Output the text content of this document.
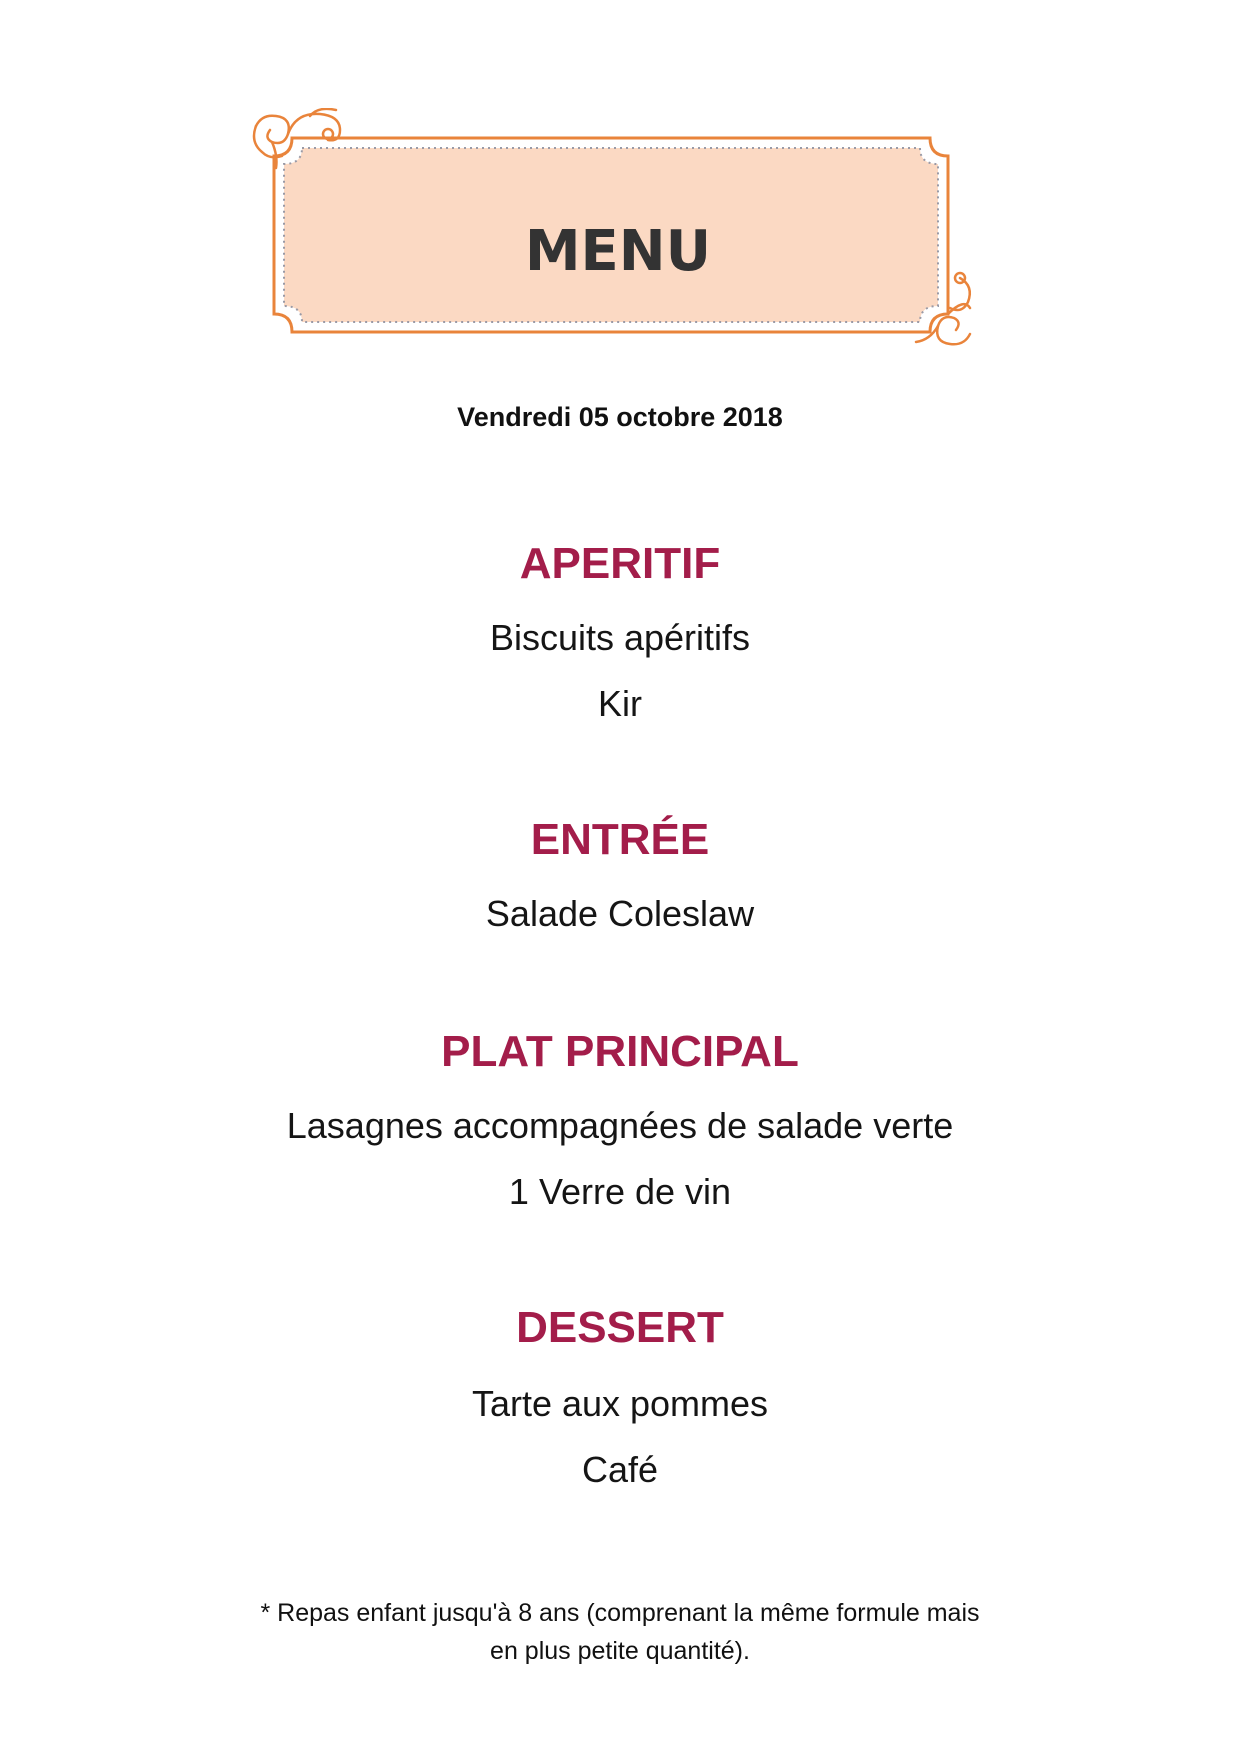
MENU
Vendredi 05 octobre 2018
APERITIF
Biscuits apéritifs
Kir
ENTRÉE
Salade Coleslaw
PLAT PRINCIPAL
Lasagnes accompagnées de salade verte
1 Verre de vin
DESSERT
Tarte aux pommes
Café
* Repas enfant jusqu'à 8 ans (comprenant la même formule mais
en plus petite quantité).
